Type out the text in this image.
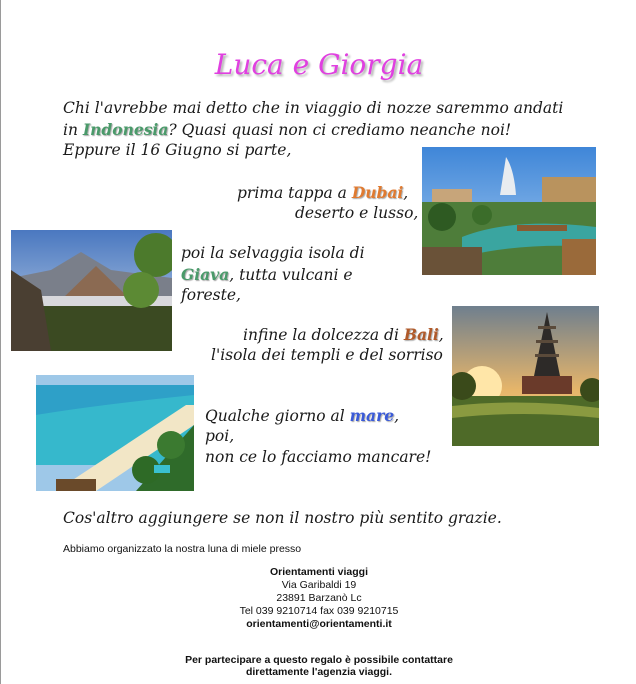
Luca e Giorgia
Chi l'avrebbe mai detto che in viaggio di nozze saremmo andati
in Indonesia? Quasi quasi non ci crediamo neanche noi!
Eppure il 16 Giugno si parte,
prima tappa a Dubai,
deserto e lusso,
poi la selvaggia isola di
Giava, tutta vulcani e
foreste,
infine la dolcezza di Bali,
l'isola dei templi e del sorriso
Qualche giorno al mare,
poi,
non ce lo facciamo mancare!
Cos'altro aggiungere se non il nostro più sentito grazie.
Abbiamo organizzato la nostra luna di miele presso
Orientamenti viaggi
Via Garibaldi 19
23891 Barzanò Lc
Tel 039 9210714 fax 039 9210715
orientamenti@orientamenti.it
Per partecipare a questo regalo è possibile contattare
direttamente l'agenzia viaggi.
